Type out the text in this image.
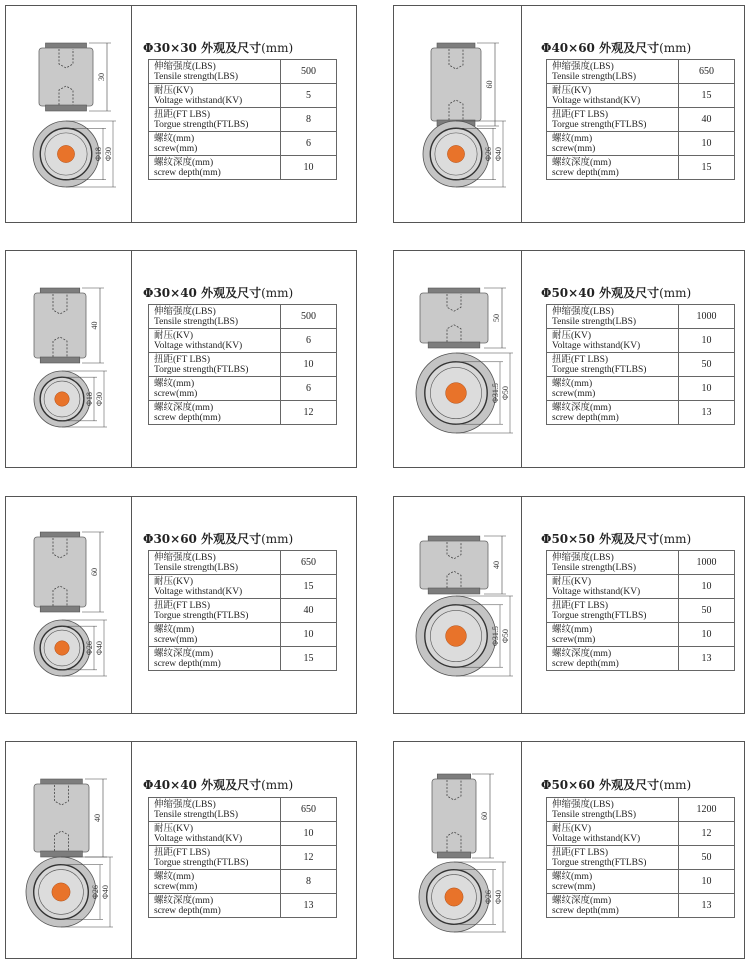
30
Φ18 Φ30
Φ30×30 外观及尺寸(mm)
伸缩强度(LBS)
Tensile strength(LBS)	500
耐压(KV)
Voltage withstand(KV)	5
扭距(FT LBS)
Torgue strength(FTLBS)	8
螺纹(mm)
screw(mm)	6
螺纹深度(mm)
screw depth(mm)	10
60
Φ26 Φ40
Φ40×60 外观及尺寸(mm)
伸缩强度(LBS)
Tensile strength(LBS)	650
耐压(KV)
Voltage withstand(KV)	15
扭距(FT LBS)
Torgue strength(FTLBS)	40
螺纹(mm)
screw(mm)	10
螺纹深度(mm)
screw depth(mm)	15
40
Φ18 Φ30
Φ30×40 外观及尺寸(mm)
伸缩强度(LBS)
Tensile strength(LBS)	500
耐压(KV)
Voltage withstand(KV)	6
扭距(FT LBS)
Torgue strength(FTLBS)	10
螺纹(mm)
screw(mm)	6
螺纹深度(mm)
screw depth(mm)	12
50
Φ31.5 Φ50
Φ50×40 外观及尺寸(mm)
伸缩强度(LBS)
Tensile strength(LBS)	1000
耐压(KV)
Voltage withstand(KV)	10
扭距(FT LBS)
Torgue strength(FTLBS)	50
螺纹(mm)
screw(mm)	10
螺纹深度(mm)
screw depth(mm)	13
60
Φ26 Φ40
Φ30×60 外观及尺寸(mm)
伸缩强度(LBS)
Tensile strength(LBS)	650
耐压(KV)
Voltage withstand(KV)	15
扭距(FT LBS)
Torgue strength(FTLBS)	40
螺纹(mm)
screw(mm)	10
螺纹深度(mm)
screw depth(mm)	15
40
Φ31.5 Φ50
Φ50×50 外观及尺寸(mm)
伸缩强度(LBS)
Tensile strength(LBS)	1000
耐压(KV)
Voltage withstand(KV)	10
扭距(FT LBS)
Torgue strength(FTLBS)	50
螺纹(mm)
screw(mm)	10
螺纹深度(mm)
screw depth(mm)	13
40
Φ26 Φ40
Φ40×40 外观及尺寸(mm)
伸缩强度(LBS)
Tensile strength(LBS)	650
耐压(KV)
Voltage withstand(KV)	10
扭距(FT LBS)
Torgue strength(FTLBS)	12
螺纹(mm)
screw(mm)	8
螺纹深度(mm)
screw depth(mm)	13
60
Φ26 Φ40
Φ50×60 外观及尺寸(mm)
伸缩强度(LBS)
Tensile strength(LBS)	1200
耐压(KV)
Voltage withstand(KV)	12
扭距(FT LBS)
Torgue strength(FTLBS)	50
螺纹(mm)
screw(mm)	10
螺纹深度(mm)
screw depth(mm)	13
